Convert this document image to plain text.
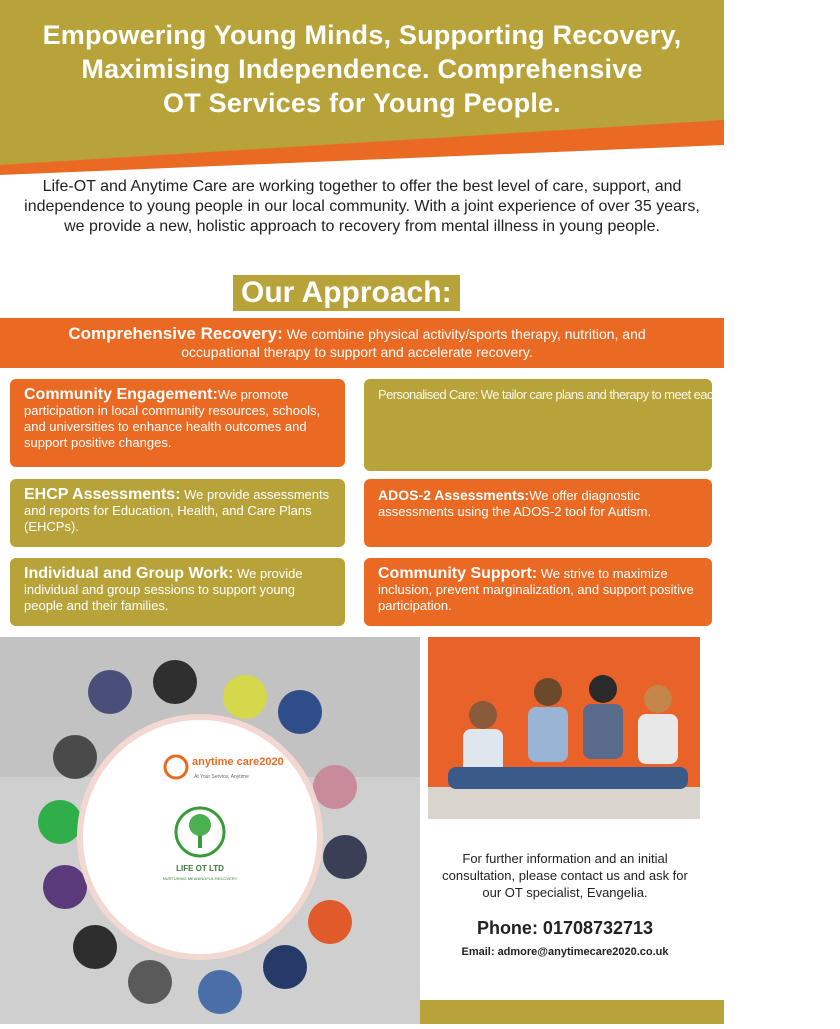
Empowering Young Minds, Supporting Recovery,
Maximising Independence. Comprehensive
OT Services for Young People.
Life-OT and Anytime Care are working together to offer the best level of care, support, and independence to young people in our local community. With a joint experience of over 35 years, we provide a new, holistic approach to recovery from mental illness in young people.
Our Approach:
Comprehensive Recovery: We combine physical activity/sports therapy, nutrition, and occupational therapy to support and accelerate recovery.
Community Engagement:We promote participation in local community resources, schools, and universities to enhance health outcomes and support positive changes.
Personalised Care: We tailor care plans and therapy to meet each young person's needs.
EHCP Assessments: We provide assessments and reports for Education, Health, and Care Plans (EHCPs).
ADOS-2 Assessments:We offer diagnostic assessments using the ADOS-2 tool for Autism.
Individual and Group Work: We provide individual and group sessions to support young people and their families.
Community Support: We strive to maximize inclusion, prevent marginalization, and support positive participation.
anytime care2020
At Your Service, Anytime
LIFE OT LTD
NURTURING MEANINGFUL RECOVERY
For further information and an initial consultation, please contact us and ask for our OT specialist, Evangelia.
Phone: 01708732713
Email: admore@anytimecare2020.co.uk
